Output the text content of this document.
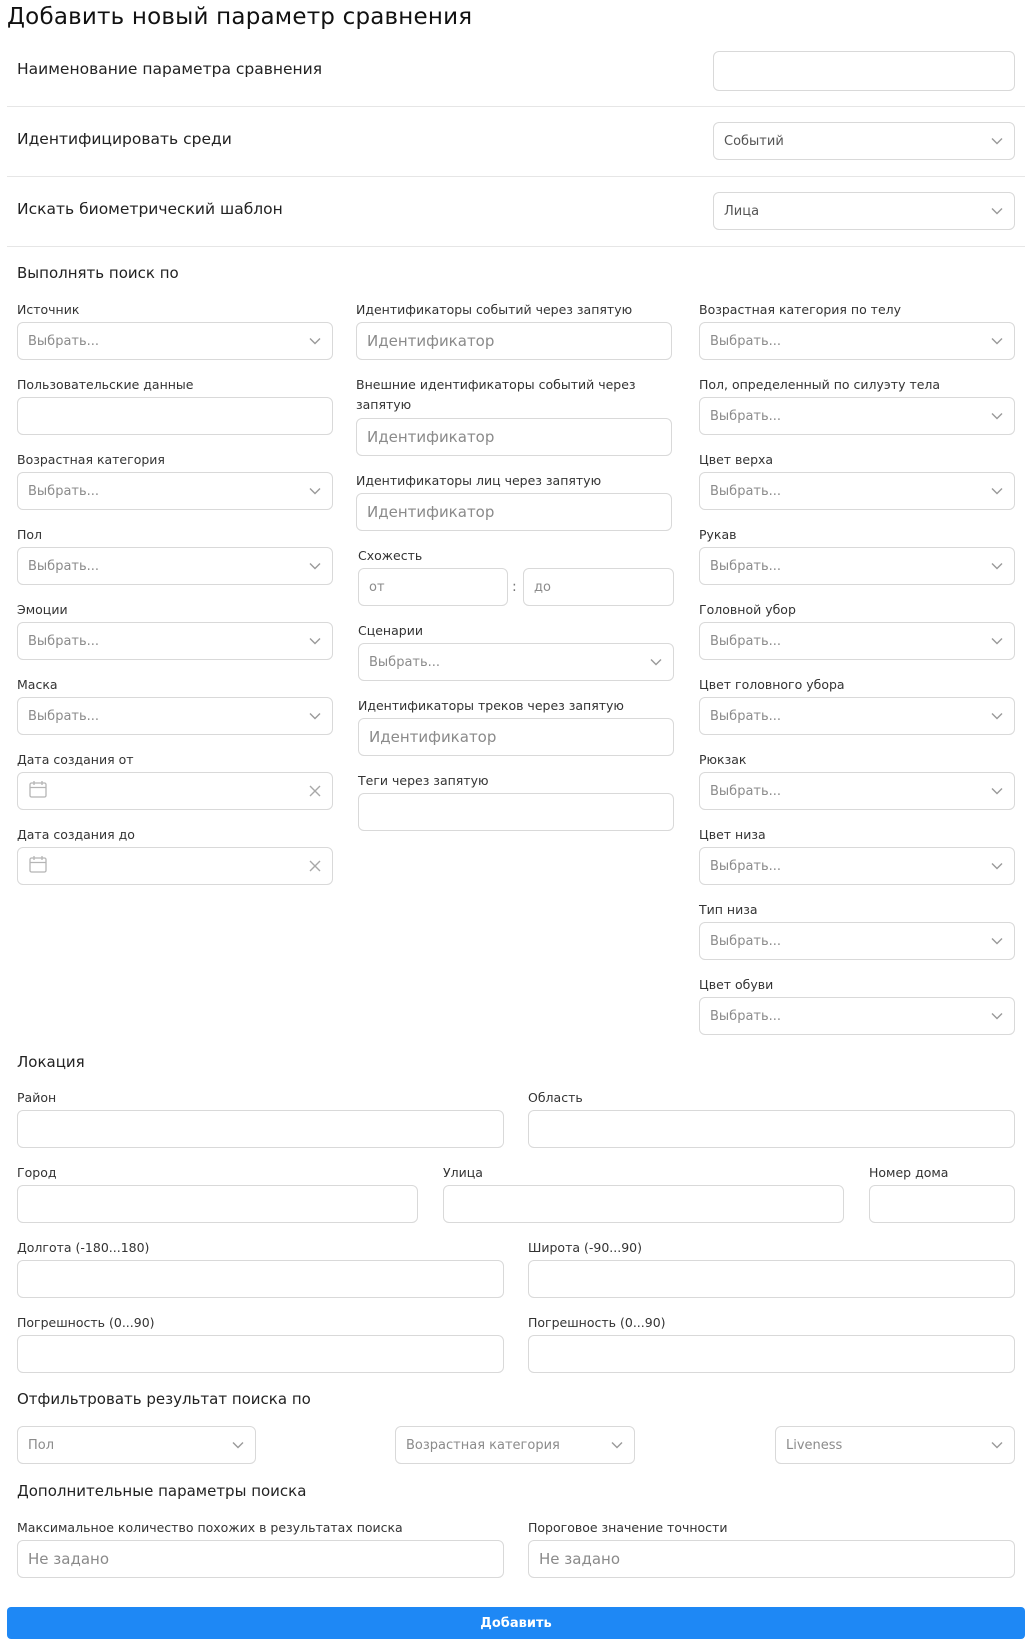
Добавить новый параметр сравнения
Наименование параметра сравнения
Идентифицировать среди	Событий
Искать биометрический шаблон	Лица
Выполнять поиск по
Источник
Выбрать...
Пользовательские данные
Возрастная категория
Выбрать...
Пол
Выбрать...
Эмоции
Выбрать...
Маска
Выбрать...
Дата создания от
Дата создания до
Идентификаторы событий через запятую
Идентификатор
Внешние идентификаторы событий через запятую
Идентификатор
Идентификаторы лиц через запятую
Идентификатор
Схожесть
от	: до
Сценарии
Выбрать...
Идентификаторы треков через запятую
Идентификатор
Теги через запятую
Возрастная категория по телу
Выбрать...
Пол, определенный по силуэту тела
Выбрать...
Цвет верха
Выбрать...
Рукав
Выбрать...
Головной убор
Выбрать...
Цвет головного убора
Выбрать...
Рюкзак
Выбрать...
Цвет низа
Выбрать...
Тип низа
Выбрать...
Цвет обуви
Выбрать...
Локация
Район	Область
Город	Улица	Номер дома
Долгота (-180...180)	Широта (-90...90)
Погрешность (0...90)	Погрешность (0...90)
Отфильтровать результат поиска по
Пол	Возрастная категория	Liveness
Дополнительные параметры поиска
Максимальное количество похожих в результатах поиска
Не задано
Пороговое значение точности
Не задано
Добавить
